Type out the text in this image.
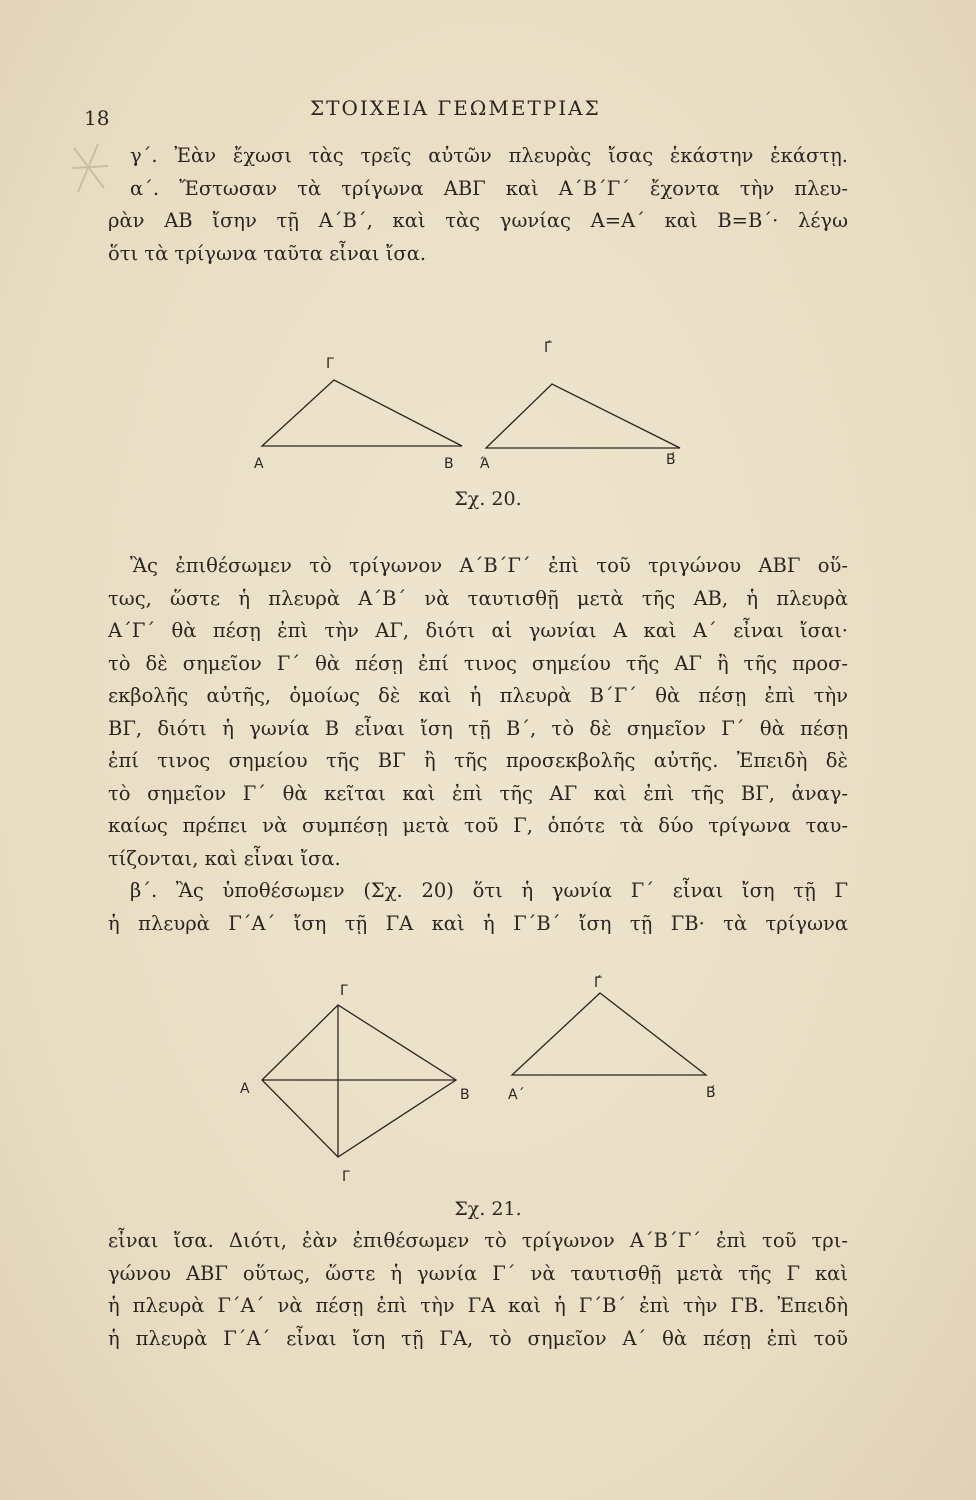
18	ΣΤΟΙΧΕΙΑ ΓΕΩΜΕΤΡΙΑΣ
γ΄. Ἐὰν ἔχωσι τὰς τρεῖς αὐτῶν πλευρὰς ἴσας ἑκάστην ἑκάστῃ.
α΄. Ἔστωσαν τὰ τρίγωνα ΑΒΓ καὶ Α΄Β΄Γ΄ ἔχοντα τὴν πλευ-
ρὰν ΑΒ ἴσην τῇ Α΄Β΄, καὶ τὰς γωνίας Α=Α΄ καὶ Β=Β΄· λέγω
ὅτι τὰ τρίγωνα ταῦτα εἶναι ἴσα.
Γ
Α	Β
Γ́
Ά	Β́
Σχ. 20.
Ἂς ἐπιθέσωμεν τὸ τρίγωνον Α΄Β΄Γ΄ ἐπὶ τοῦ τριγώνου ΑΒΓ οὕ-
τως, ὥστε ἡ πλευρὰ Α΄Β΄ νὰ ταυτισθῇ μετὰ τῆς ΑΒ, ἡ πλευρὰ
Α΄Γ΄ θὰ πέσῃ ἐπὶ τὴν ΑΓ, διότι αἱ γωνίαι Α καὶ Α΄ εἶναι ἴσαι·
τὸ δὲ σημεῖον Γ΄ θὰ πέσῃ ἐπί τινος σημείου τῆς ΑΓ ἢ τῆς προσ-
εκβολῆς αὐτῆς, ὁμοίως δὲ καὶ ἡ πλευρὰ Β΄Γ΄ θὰ πέσῃ ἐπὶ τὴν
ΒΓ, διότι ἡ γωνία Β εἶναι ἴση τῇ Β΄, τὸ δὲ σημεῖον Γ΄ θὰ πέσῃ
ἐπί τινος σημείου τῆς ΒΓ ἢ τῆς προσεκβολῆς αὐτῆς. Ἐπειδὴ δὲ
τὸ σημεῖον Γ΄ θὰ κεῖται καὶ ἐπὶ τῆς ΑΓ καὶ ἐπὶ τῆς ΒΓ, ἀναγ-
καίως πρέπει νὰ συμπέσῃ μετὰ τοῦ Γ, ὁπότε τὰ δύο τρίγωνα ταυ-
τίζονται, καὶ εἶναι ἴσα.
β΄. Ἂς ὑποθέσωμεν (Σχ. 20) ὅτι ἡ γωνία Γ΄ εἶναι ἴση τῇ Γ
ἡ πλευρὰ Γ΄Α΄ ἴση τῇ ΓΑ καὶ ἡ Γ΄Β΄ ἴση τῇ ΓΒ· τὰ τρίγωνα
Γ
Α	Β
Γ
Γ́
Α΄	Β́
Σχ. 21.
εἶναι ἴσα. Διότι, ἐὰν ἐπιθέσωμεν τὸ τρίγωνον Α΄Β΄Γ΄ ἐπὶ τοῦ τρι-
γώνου ΑΒΓ οὕτως, ὥστε ἡ γωνία Γ΄ νὰ ταυτισθῇ μετὰ τῆς Γ καὶ
ἡ πλευρὰ Γ΄Α΄ νὰ πέσῃ ἐπὶ τὴν ΓΑ καὶ ἡ Γ΄Β΄ ἐπὶ τὴν ΓΒ. Ἐπειδὴ
ἡ πλευρὰ Γ΄Α΄ εἶναι ἴση τῇ ΓΑ, τὸ σημεῖον Α΄ θὰ πέσῃ ἐπὶ τοῦ
